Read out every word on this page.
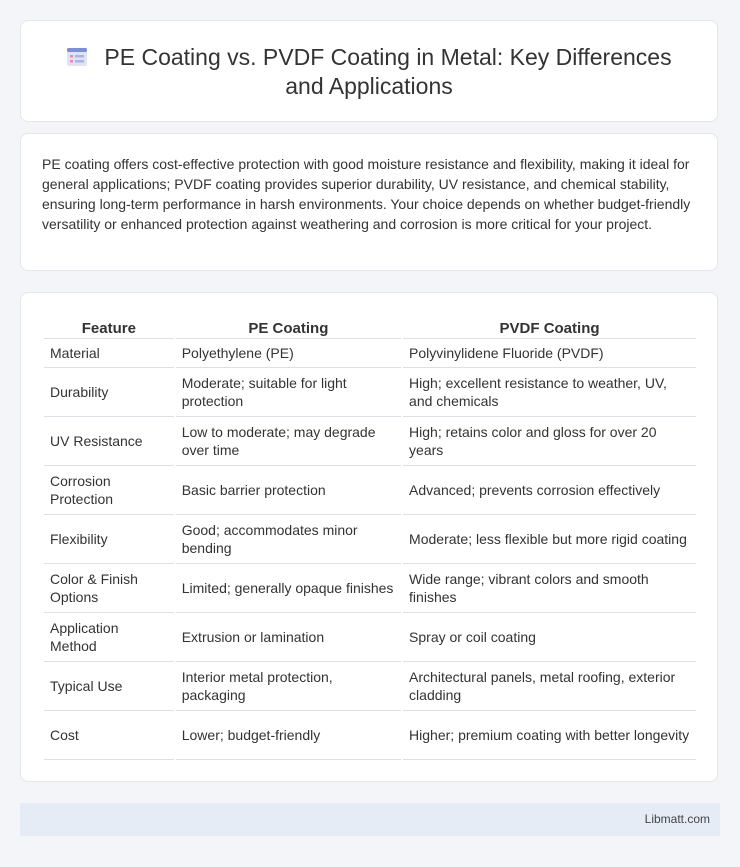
PE Coating vs. PVDF Coating in Metal: Key Differences
and Applications

PE coating offers cost-effective protection with good moisture resistance and flexibility, making it ideal for general applications; PVDF coating provides superior durability, UV resistance, and chemical stability, ensuring long-term performance in harsh environments. Your choice depends on whether budget-friendly versatility or enhanced protection against weathering and corrosion is more critical for your project.

Feature	PE Coating	PVDF Coating
Material	Polyethylene (PE)	Polyvinylidene Fluoride (PVDF)
Durability	Moderate; suitable for light protection	High; excellent resistance to weather, UV, and chemicals
UV Resistance	Low to moderate; may degrade over time	High; retains color and gloss for over 20 years
Corrosion Protection	Basic barrier protection	Advanced; prevents corrosion effectively
Flexibility	Good; accommodates minor bending	Moderate; less flexible but more rigid coating
Color & Finish Options	Limited; generally opaque finishes	Wide range; vibrant colors and smooth finishes
Application Method	Extrusion or lamination	Spray or coil coating
Typical Use	Interior metal protection, packaging	Architectural panels, metal roofing, exterior cladding
Cost	Lower; budget-friendly	Higher; premium coating with better longevity
Libmatt.com
